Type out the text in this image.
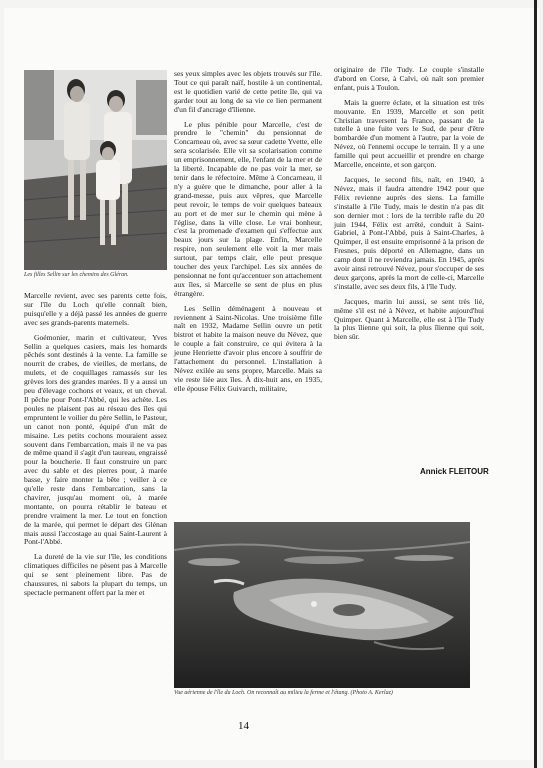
Les filles Sellin sur les chemins des Gléran.

Marcelle revient, avec ses parents cette fois, sur l'île du Loch qu'elle connaît bien, puisqu'elle y a déjà passé les années de guerre avec ses grands-parents maternels.

Goémonier, marin et cultivateur, Yves Sellin a quelques casiers, mais les homards pêchés sont destinés à la vente. La famille se nourrit de crabes, de vieilles, de merlans, de mulets, et de coquillages ramassés sur les grèves lors des grandes marées. Il y a aussi un peu d'élevage cochons et veaux, et un cheval. Il pêche pour Pont-l'Abbé, qui les achète. Les poules ne plaisent pas au réseau des îles qui empruntent le voilier du père Sellin, le Pasteur, un canot non ponté, équipé d'un mât de misaine. Les petits cochons mouraient assez souvent dans l'embarcation, mais il ne va pas de même quand il s'agit d'un taureau, engraissé pour la boucherie. Il faut construire un parc avec du sable et des pierres pour, à marée basse, y faire monter la bête ; veiller à ce qu'elle reste dans l'embarcation, sans la chavirer, jusqu'au moment où, à marée montante, on pourra rétablir le bateau et prendre vraiment la mer. Le tout en fonction de la marée, qui permet le départ des Glénan mais aussi l'accostage au quai Saint-Laurent à Pont-l'Abbé.

La dureté de la vie sur l'île, les conditions climatiques difficiles ne pèsent pas à Marcelle qui se sent pleinement libre. Pas de chaussures, ni sabots la plupart du temps, un spectacle permanent offert par la mer et

ses yeux simples avec les objets trouvés sur l'île. Tout ce qui paraît naïf, hostile à un continental, est le quotidien varié de cette petite île, qui va garder tout au long de sa vie ce lien permanent d'un fil d'ancrage d'îlienne.

Le plus pénible pour Marcelle, c'est de prendre le "chemin" du pensionnat de Concarneau où, avec sa sœur cadette Yvette, elle sera scolarisée. Elle vit sa scolarisation comme un emprisonnement, elle, l'enfant de la mer et de la liberté. Incapable de ne pas voir la mer, se tenir dans le réfectoire. Même à Concarneau, il n'y a guère que le dimanche, pour aller à la grand-messe, puis aux vêpres, que Marcelle peut revoir, le temps de voir quelques bateaux au port et de mer sur le chemin qui mène à l'église, dans la ville close. Le vrai bonheur, c'est la promenade d'examen qui s'effectue aux beaux jours sur la plage. Enfin, Marcelle respire, non seulement elle voit la mer mais surtout, par temps clair, elle peut presque toucher des yeux l'archipel. Les six années de pensionnat ne font qu'accentuer son attachement aux îles, si Marcelle se sent de plus en plus étrangère.

Les Sellin déménagent à nouveau et reviennent à Saint-Nicolas. Une troisième fille naît en 1932, Madame Sellin ouvre un petit bistrot et habite la maison neuve du Névez, que le couple a fait construire, ce qui évitera à la jeune Henriette d'avoir plus encore à souffrir de l'attachement du personnel. L'installation à Névez exilée au sens propre, Marcelle. Mais sa vie reste liée aux îles. À dix-huit ans, en 1935, elle épouse Félix Guivarch, militaire,

originaire de l'île Tudy. Le couple s'installe d'abord en Corse, à Calvi, où naît son premier enfant, puis à Toulon.

Mais la guerre éclate, et la situation est très mouvante. En 1939, Marcelle et son petit Christian traversent la France, passant de la tutelle à une fuite vers le Sud, de peur d'être bombardée d'un moment à l'autre, par la voie de Névez, où l'ennemi occupe le terrain. Il y a une famille qui peut accueillir et prendre en charge Marcelle, enceinte, et son garçon.

Jacques, le second fils, naît, en 1940, à Névez, mais il faudra attendre 1942 pour que Félix revienne auprès des siens. La famille s'installe à l'île Tudy, mais le destin n'a pas dit son dernier mot : lors de la terrible rafle du 20 juin 1944, Félix est arrêté, conduit à Saint-Gabriel, à Pont-l'Abbé, puis à Saint-Charles, à Quimper, il est ensuite emprisonné à la prison de Fresnes, puis déporté en Allemagne, dans un camp dont il ne reviendra jamais. En 1945, après avoir ainsi retrouvé Névez, pour s'occuper de ses deux garçons, après la mort de celle-ci, Marcelle s'installe, avec ses deux fils, à l'île Tudy.

Jacques, marin lui aussi, se sent très lié, même s'il est né à Névez, et habite aujourd'hui Quimper. Quant à Marcelle, elle est à l'île Tudy la plus îlienne qui soit, la plus îlienne qui soit, bien sûr.

Annick FLEITOUR
Vue aérienne de l'île du Loch. On reconnaît au milieu la ferme et l'étang. (Photo A. Kerlaz)
14
